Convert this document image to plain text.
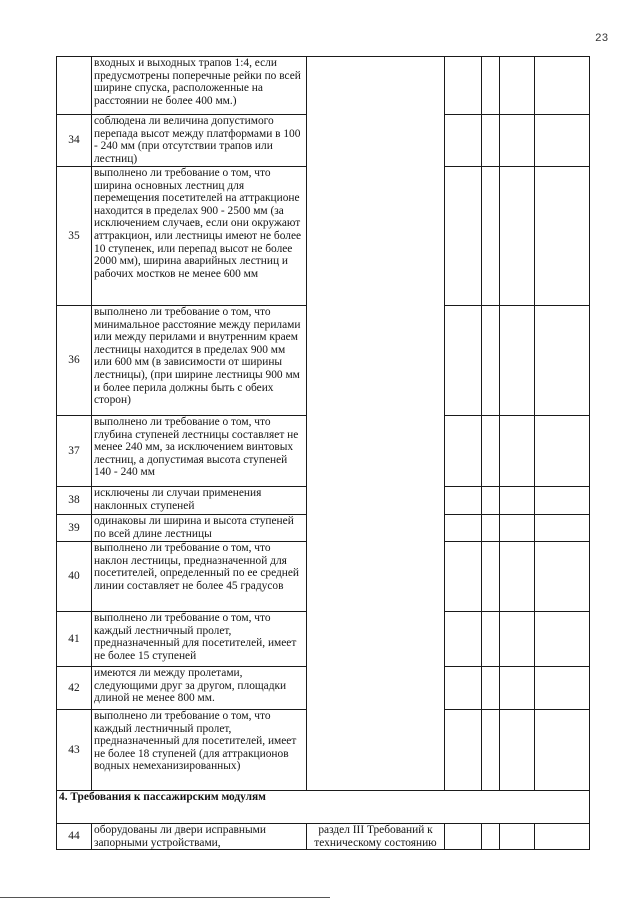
23
	входных и выходных трапов 1:4, если предусмотрены поперечные рейки по всей ширине спуска, расположенные на расстоянии не более 400 мм.)					
34	соблюдена ли величина допустимого перепада высот между платформами в 100 - 240 мм (при отсутствии трапов или лестниц)					
35	выполнено ли требование о том, что ширина основных лестниц для перемещения посетителей на аттракционе находится в пределах 900 - 2500 мм (за исключением случаев, если они окружают аттракцион, или лестницы имеют не более 10 ступенек, или перепад высот не более 2000 мм), ширина аварийных лестниц и рабочих мостков не менее 600 мм					
36	выполнено ли требование о том, что минимальное расстояние между перилами или между перилами и внутренним краем лестницы находится в пределах 900 мм или 600 мм (в зависимости от ширины лестницы), (при ширине лестницы 900 мм и более перила должны быть с обеих сторон)					
37	выполнено ли требование о том, что глубина ступеней лестницы составляет не менее 240 мм, за исключением винтовых лестниц, а допустимая высота ступеней 140 - 240 мм					
38	исключены ли случаи применения наклонных ступеней					
39	одинаковы ли ширина и высота ступеней по всей длине лестницы					
40	выполнено ли требование о том, что наклон лестницы, предназначенной для посетителей, определенный по ее средней линии составляет не более 45 градусов					
41	выполнено ли требование о том, что каждый лестничный пролет, предназначенный для посетителей, имеет не более 15 ступеней					
42	имеются ли между пролетами, следующими друг за другом, площадки длиной не менее 800 мм.					
43	выполнено ли требование о том, что каждый лестничный пролет, предназначенный для посетителей, имеет не более 18 ступеней (для аттракционов водных немеханизированных)					
4. Требования к пассажирским модулям						
44	оборудованы ли двери исправными запорными устройствами,	раздел III Требований к техническому состоянию				
